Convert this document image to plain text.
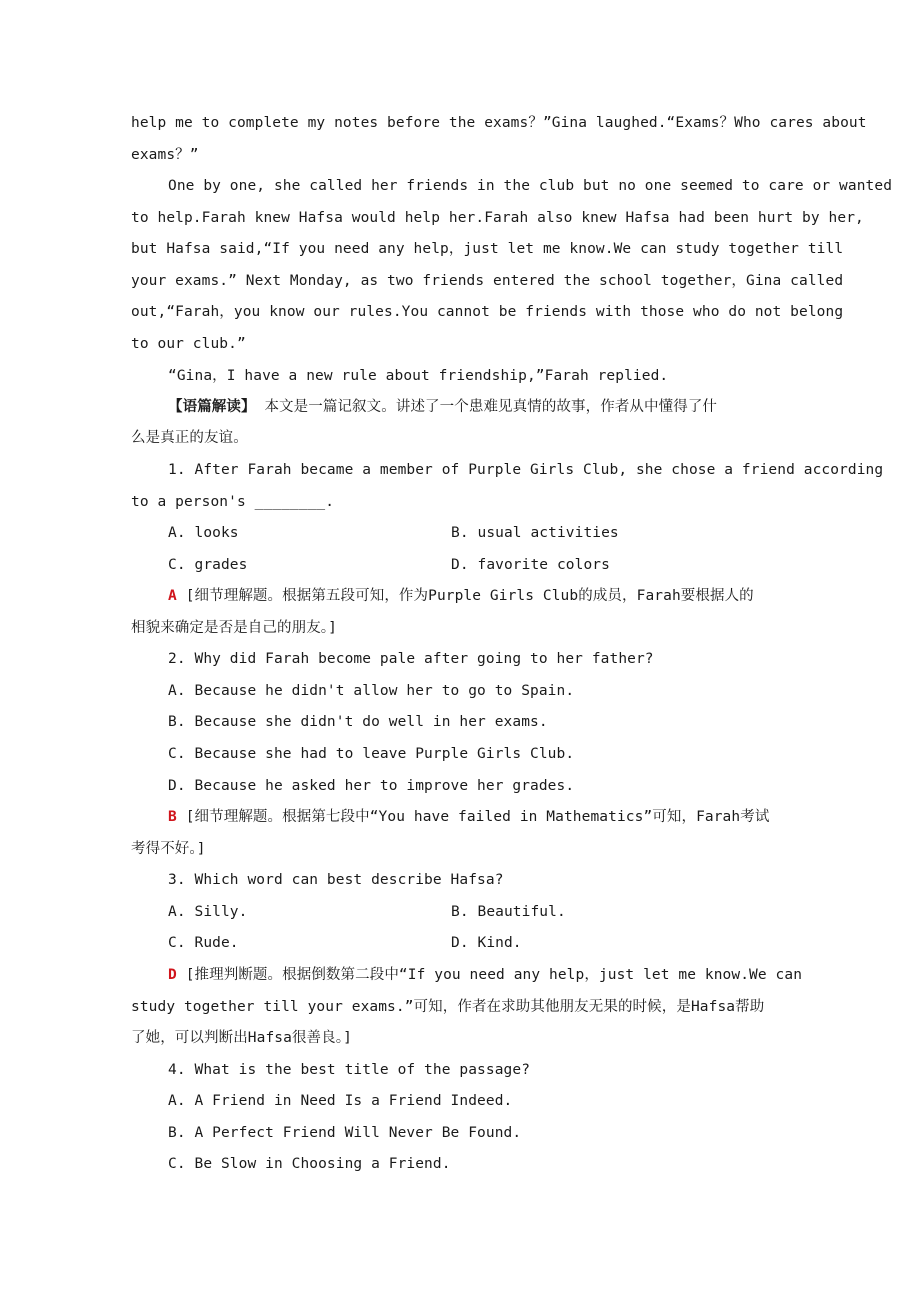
help me to complete my notes before the exams？”Gina laughed.“Exams？Who cares about
exams？”
One by one, she called her friends in the club but no one seemed to care or wanted
to help.Farah knew Hafsa would help her.Farah also knew Hafsa had been hurt by her,
but Hafsa said,“If you need any help，just let me know.We can study together till
your exams.” Next Monday, as two friends entered the school together，Gina called
out,“Farah，you know our rules.You cannot be friends with those who do not belong
to our club.”
“Gina，I have a new rule about friendship,”Farah replied.
【语篇解读】 本文是一篇记叙文。讲述了一个患难见真情的故事，作者从中懂得了什
么是真正的友谊。
1. After Farah became a member of Purple Girls Club, she chose a friend according
to a person's ________.
A. looks	B. usual activities
C. grades	D. favorite colors
A [细节理解题。根据第五段可知，作为Purple Girls Club的成员，Farah要根据人的
相貌来确定是否是自己的朋友。]
2. Why did Farah become pale after going to her father?
A. Because he didn't allow her to go to Spain.
B. Because she didn't do well in her exams.
C. Because she had to leave Purple Girls Club.
D. Because he asked her to improve her grades.
B [细节理解题。根据第七段中“You have failed in Mathematics”可知，Farah考试
考得不好。]
3. Which word can best describe Hafsa?
A. Silly.	B. Beautiful.
C. Rude.	D. Kind.
D [推理判断题。根据倒数第二段中“If you need any help，just let me know.We can
study together till your exams.”可知，作者在求助其他朋友无果的时候，是Hafsa帮助
了她，可以判断出Hafsa很善良。]
4. What is the best title of the passage?
A. A Friend in Need Is a Friend Indeed.
B. A Perfect Friend Will Never Be Found.
C. Be Slow in Choosing a Friend.
